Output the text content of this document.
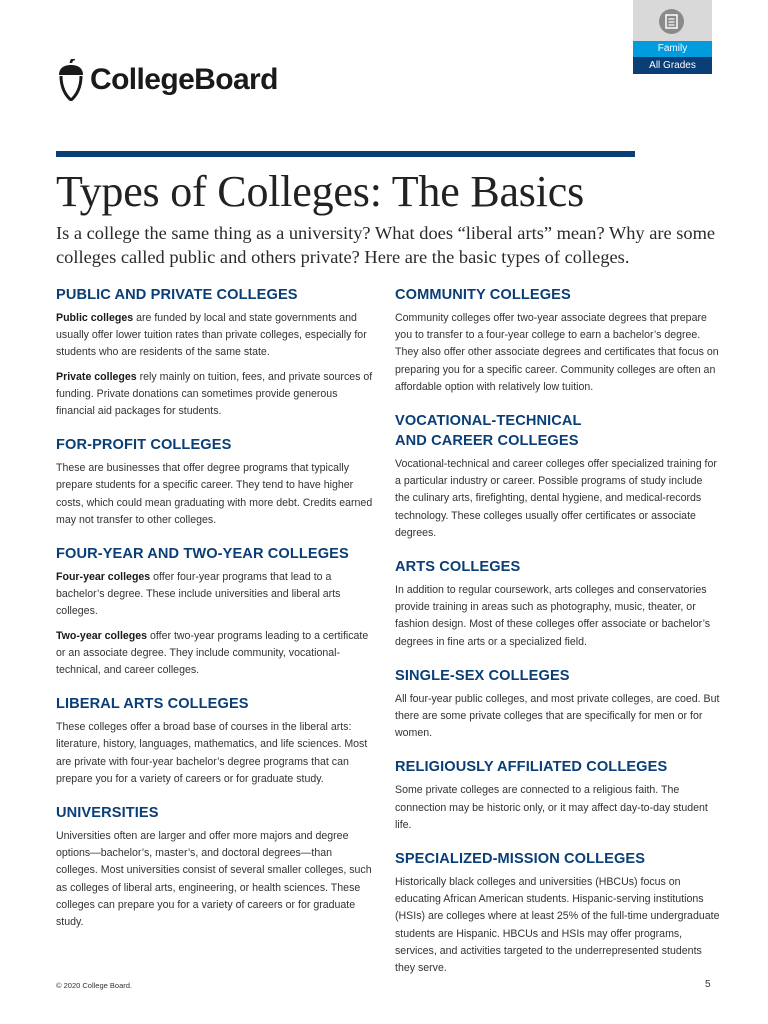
CollegeBoard
Family
All Grades
Types of Colleges: The Basics

Is a college the same thing as a university? What does “liberal arts” mean? Why are some colleges called public and others private? Here are the basic types of colleges.

PUBLIC AND PRIVATE COLLEGES

Public colleges are funded by local and state governments and usually offer lower tuition rates than private colleges, especially for students who are residents of the same state.

Private colleges rely mainly on tuition, fees, and private sources of funding. Private donations can sometimes provide generous financial aid packages for students.

FOR-PROFIT COLLEGES

These are businesses that offer degree programs that typically prepare students for a specific career. They tend to have higher costs, which could mean graduating with more debt. Credits earned may not transfer to other colleges.

FOUR-YEAR AND TWO-YEAR COLLEGES

Four-year colleges offer four-year programs that lead to a bachelor’s degree. These include universities and liberal arts colleges.

Two-year colleges offer two-year programs leading to a certificate or an associate degree. They include community, vocational-technical, and career colleges.

LIBERAL ARTS COLLEGES

These colleges offer a broad base of courses in the liberal arts: literature, history, languages, mathematics, and life sciences. Most are private with four-year bachelor’s degree programs that can prepare you for a variety of careers or for graduate study.

UNIVERSITIES

Universities often are larger and offer more majors and degree options—bachelor’s, master’s, and doctoral degrees—than colleges. Most universities consist of several smaller colleges, such as colleges of liberal arts, engineering, or health sciences. These colleges can prepare you for a variety of careers or for graduate study.

COMMUNITY COLLEGES

Community colleges offer two-year associate degrees that prepare you to transfer to a four-year college to earn a bachelor’s degree. They also offer other associate degrees and certificates that focus on preparing you for a specific career. Community colleges are often an affordable option with relatively low tuition.

VOCATIONAL-TECHNICAL AND CAREER COLLEGES

Vocational-technical and career colleges offer specialized training for a particular industry or career. Possible programs of study include the culinary arts, firefighting, dental hygiene, and medical-records technology. These colleges usually offer certificates or associate degrees.

ARTS COLLEGES

In addition to regular coursework, arts colleges and conservatories provide training in areas such as photography, music, theater, or fashion design. Most of these colleges offer associate or bachelor’s degrees in fine arts or a specialized field.

SINGLE-SEX COLLEGES

All four-year public colleges, and most private colleges, are coed. But there are some private colleges that are specifically for men or for women.

RELIGIOUSLY AFFILIATED COLLEGES

Some private colleges are connected to a religious faith. The connection may be historic only, or it may affect day-to-day student life.

SPECIALIZED-MISSION COLLEGES

Historically black colleges and universities (HBCUs) focus on educating African American students. Hispanic-serving institutions (HSIs) are colleges where at least 25% of the full-time undergraduate students are Hispanic. HBCUs and HSIs may offer programs, services, and activities targeted to the underrepresented students they serve.

© 2020 College Board.	5
